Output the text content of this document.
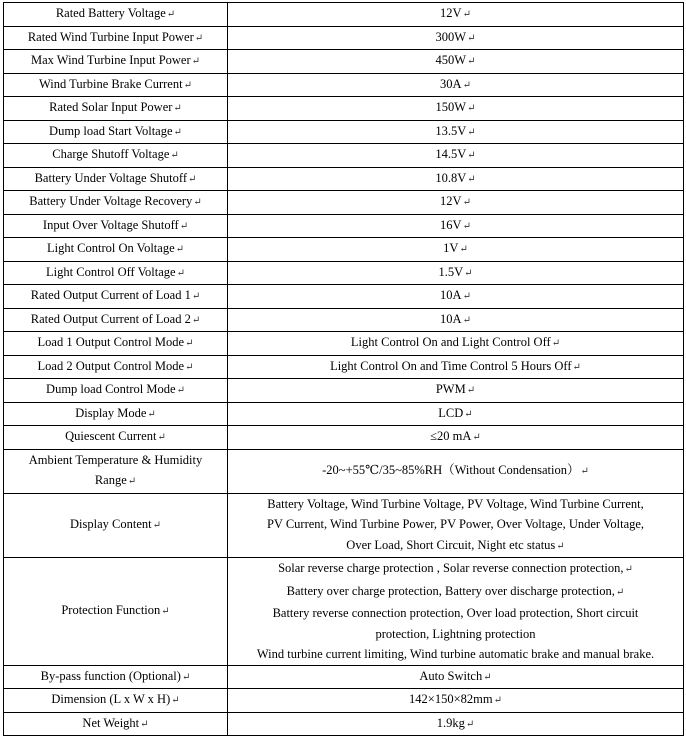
Rated Battery Voltage↵	12V↵
Rated Wind Turbine Input Power↵	300W↵
Max Wind Turbine Input Power↵	450W↵
Wind Turbine Brake Current↵	30A↵
Rated Solar Input Power↵	150W↵
Dump load Start Voltage↵	13.5V↵
Charge Shutoff Voltage↵	14.5V↵
Battery Under Voltage Shutoff↵	10.8V↵
Battery Under Voltage Recovery↵	12V↵
Input Over Voltage Shutoff↵	16V↵
Light Control On Voltage↵	1V↵
Light Control Off Voltage↵	1.5V↵
Rated Output Current of Load 1↵	10A↵
Rated Output Current of Load 2↵	10A↵
Load 1 Output Control Mode↵	Light Control On and Light Control Off↵
Load 2 Output Control Mode↵	Light Control On and Time Control 5 Hours Off↵
Dump load Control Mode↵	PWM↵
Display Mode↵	LCD↵
Quiescent Current↵	≤20 mA↵

Ambient Temperature & Humidity
Range↵	-20~+55℃/35~85%RH（Without Condensation）↵
Display Content↵	Battery Voltage, Wind Turbine Voltage, PV Voltage, Wind Turbine Current,
PV Current, Wind Turbine Power, PV Power, Over Voltage, Under Voltage,
Over Load, Short Circuit, Night etc status↵

Protection Function↵	Solar reverse charge protection , Solar reverse connection protection,↵
Battery over charge protection, Battery over discharge protection,↵
Battery reverse connection protection, Over load protection, Short circuit
protection, Lightning protection
Wind turbine current limiting, Wind turbine automatic brake and manual brake.

By-pass function (Optional)↵	Auto Switch↵
Dimension (L x W x H)↵	142×150×82mm↵
Net Weight↵	1.9kg↵
